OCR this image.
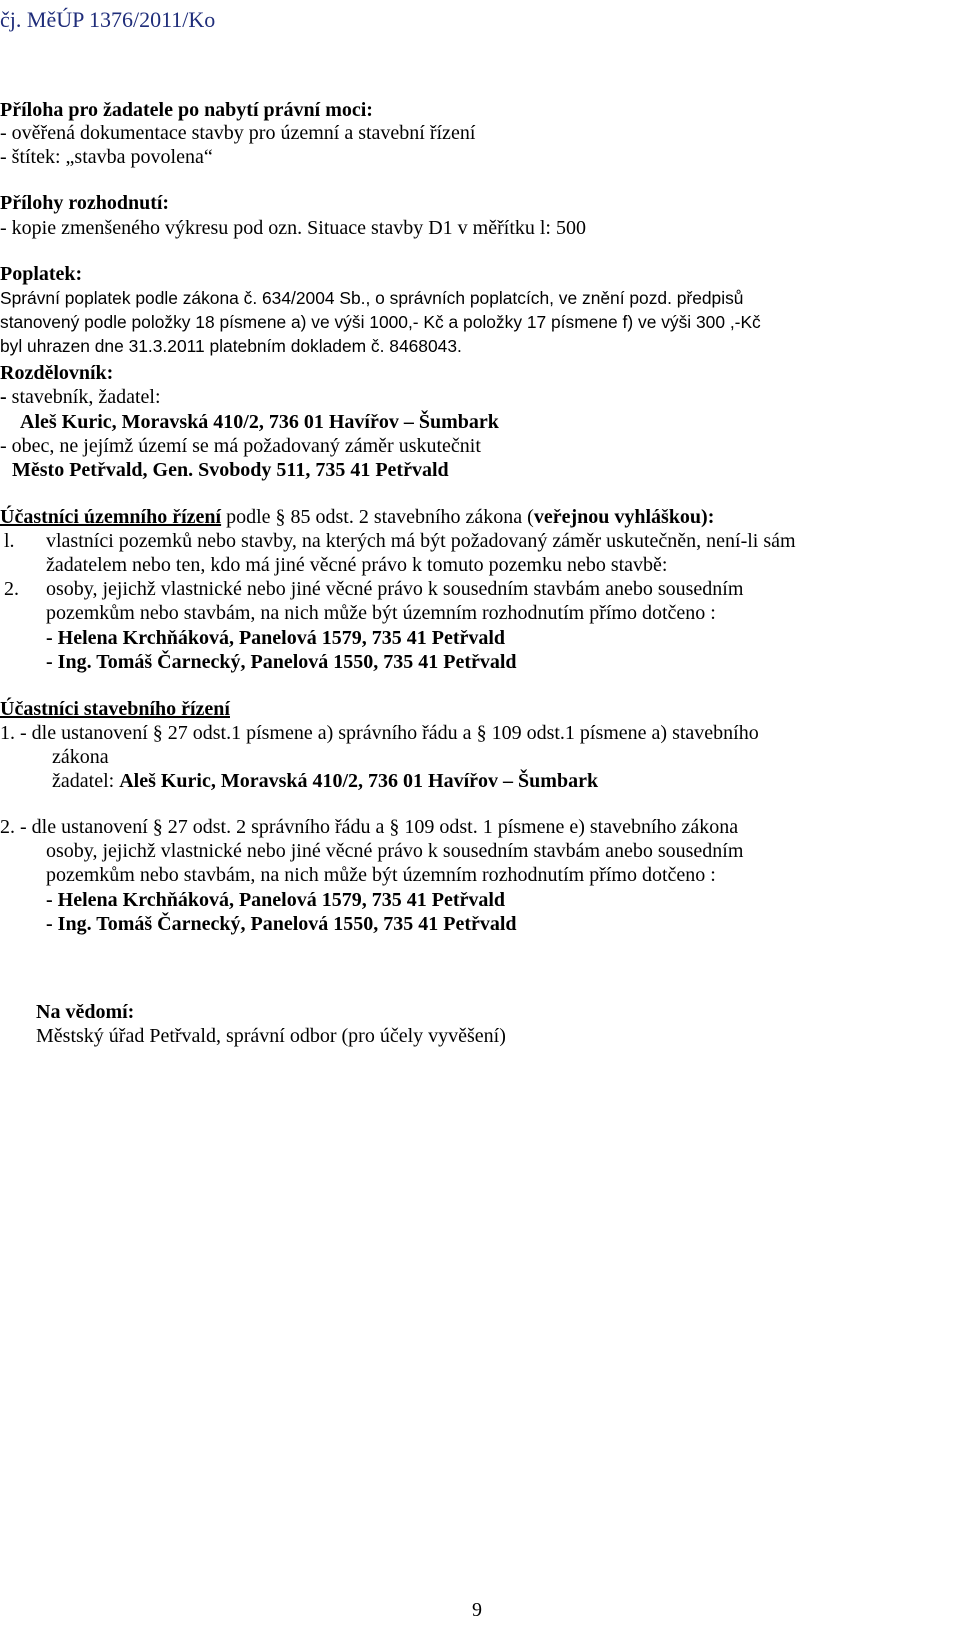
čj. MěÚP 1376/2011/Ko
Příloha pro žadatele po nabytí právní moci:
- ověřená dokumentace stavby pro územní a stavební řízení
- štítek: „stavba povolena“
Přílohy rozhodnutí:
- kopie zmenšeného výkresu pod ozn. Situace stavby D1 v měřítku l: 500
Poplatek:
Správní poplatek podle zákona č. 634/2004 Sb., o správních poplatcích, ve znění pozd. předpisů
stanovený podle položky 18 písmene a) ve výši 1000,- Kč a položky 17 písmene f) ve výši 300 ,-Kč
byl uhrazen dne 31.3.2011 platebním dokladem č. 8468043.
Rozdělovník:
- stavebník, žadatel:
Aleš Kuric, Moravská 410/2, 736 01 Havířov – Šumbark
- obec, ne jejímž území se má požadovaný záměr uskutečnit
Město Petřvald, Gen. Svobody 511, 735 41 Petřvald
Účastníci územního řízení podle § 85 odst. 2 stavebního zákona (veřejnou vyhláškou):
l. vlastníci pozemků nebo stavby, na kterých má být požadovaný záměr uskutečněn, není-li sám
žadatelem nebo ten, kdo má jiné věcné právo k tomuto pozemku nebo stavbě:
2. osoby, jejichž vlastnické nebo jiné věcné právo k sousedním stavbám anebo sousedním
pozemkům nebo stavbám, na nich může být územním rozhodnutím přímo dotčeno :
- Helena Krchňáková, Panelová 1579, 735 41 Petřvald
- Ing. Tomáš Čarnecký, Panelová 1550, 735 41 Petřvald
Účastníci stavebního řízení
1. - dle ustanovení § 27 odst.1 písmene a) správního řádu a § 109 odst.1 písmene a) stavebního
zákona
žadatel: Aleš Kuric, Moravská 410/2, 736 01 Havířov – Šumbark
2. - dle ustanovení § 27 odst. 2 správního řádu a § 109 odst. 1 písmene e) stavebního zákona
osoby, jejichž vlastnické nebo jiné věcné právo k sousedním stavbám anebo sousedním
pozemkům nebo stavbám, na nich může být územním rozhodnutím přímo dotčeno :
- Helena Krchňáková, Panelová 1579, 735 41 Petřvald
- Ing. Tomáš Čarnecký, Panelová 1550, 735 41 Petřvald
Na vědomí:
Městský úřad Petřvald, správní odbor (pro účely vyvěšení)
9
